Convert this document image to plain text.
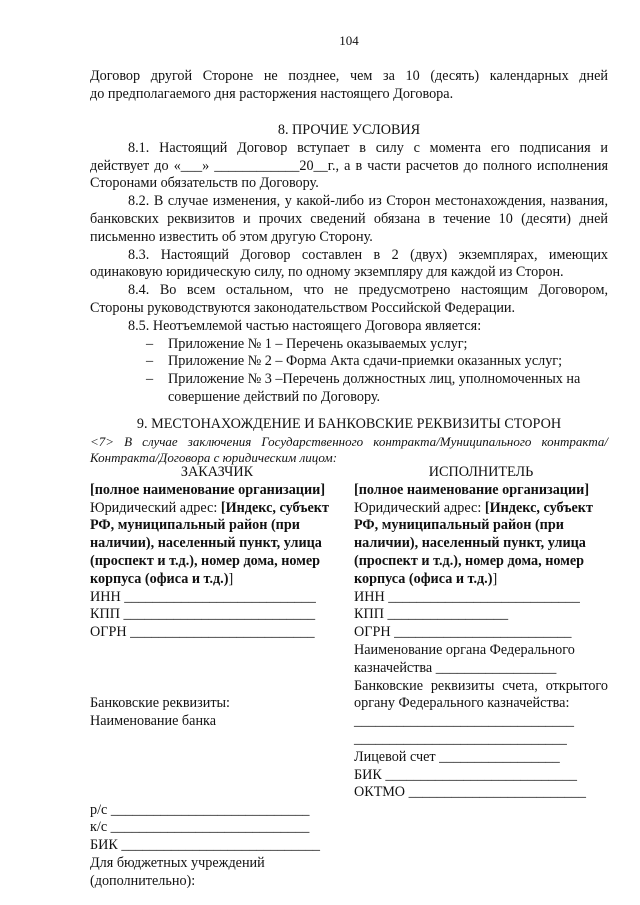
104

Договор другой Стороне не позднее, чем за 10 (десять) календарных дней

до предполагаемого дня расторжения настоящего Договора.

8. ПРОЧИЕ УСЛОВИЯ

8.1. Настоящий Договор вступает в силу с момента его подписания и действует до «___» ____________20__г., а в части расчетов до полного исполнения Сторонами обязательств по Договору.

8.2. В случае изменения, у какой-либо из Сторон местонахождения, названия, банковских реквизитов и прочих сведений обязана в течение 10 (десяти) дней письменно известить об этом другую Сторону.

8.3. Настоящий Договор составлен в 2 (двух) экземплярах, имеющих одинаковую юридическую силу, по одному экземпляру для каждой из Сторон.

8.4. Во всем остальном, что не предусмотрено настоящим Договором, Стороны руководствуются законодательством Российской Федерации.

8.5. Неотъемлемой частью настоящего Договора является:

–	Приложение № 1 – Перечень оказываемых услуг;
–	Приложение № 2 – Форма Акта сдачи-приемки оказанных услуг;
–	Приложение № 3 –Перечень должностных лиц, уполномоченных на совершение действий по Договору.

9. МЕСТОНАХОЖДЕНИЕ И БАНКОВСКИЕ РЕКВИЗИТЫ СТОРОН

<7> В случае заключения Государственного контракта/Муниципального контракта/Контракта/Договора с юридическим лицом:

ЗАКАЗЧИК

[полное наименование организации]

Юридический адрес: [Индекс, субъект РФ, муниципальный район (при наличии), населенный пункт, улица (проспект и т.д.), номер дома, номер корпуса (офиса и т.д.)]

ИНН ___________________________

КПП ___________________________

ОГРН __________________________

Банковские реквизиты:

Наименование банка

р/с ____________________________

к/с ____________________________

БИК ____________________________

Для бюджетных учреждений (дополнительно):

ИСПОЛНИТЕЛЬ

[полное наименование организации]

Юридический адрес: [Индекс, субъект РФ, муниципальный район (при наличии), населенный пункт, улица (проспект и т.д.), номер дома, номер корпуса (офиса и т.д.)]

ИНН ___________________________

КПП _________________

ОГРН _________________________

Наименование органа Федерального казначейства _________________

Банковские реквизиты счета, открытого органу Федерального казначейства:

_______________________________

______________________________

Лицевой счет _________________

БИК ___________________________

ОКТМО _________________________
